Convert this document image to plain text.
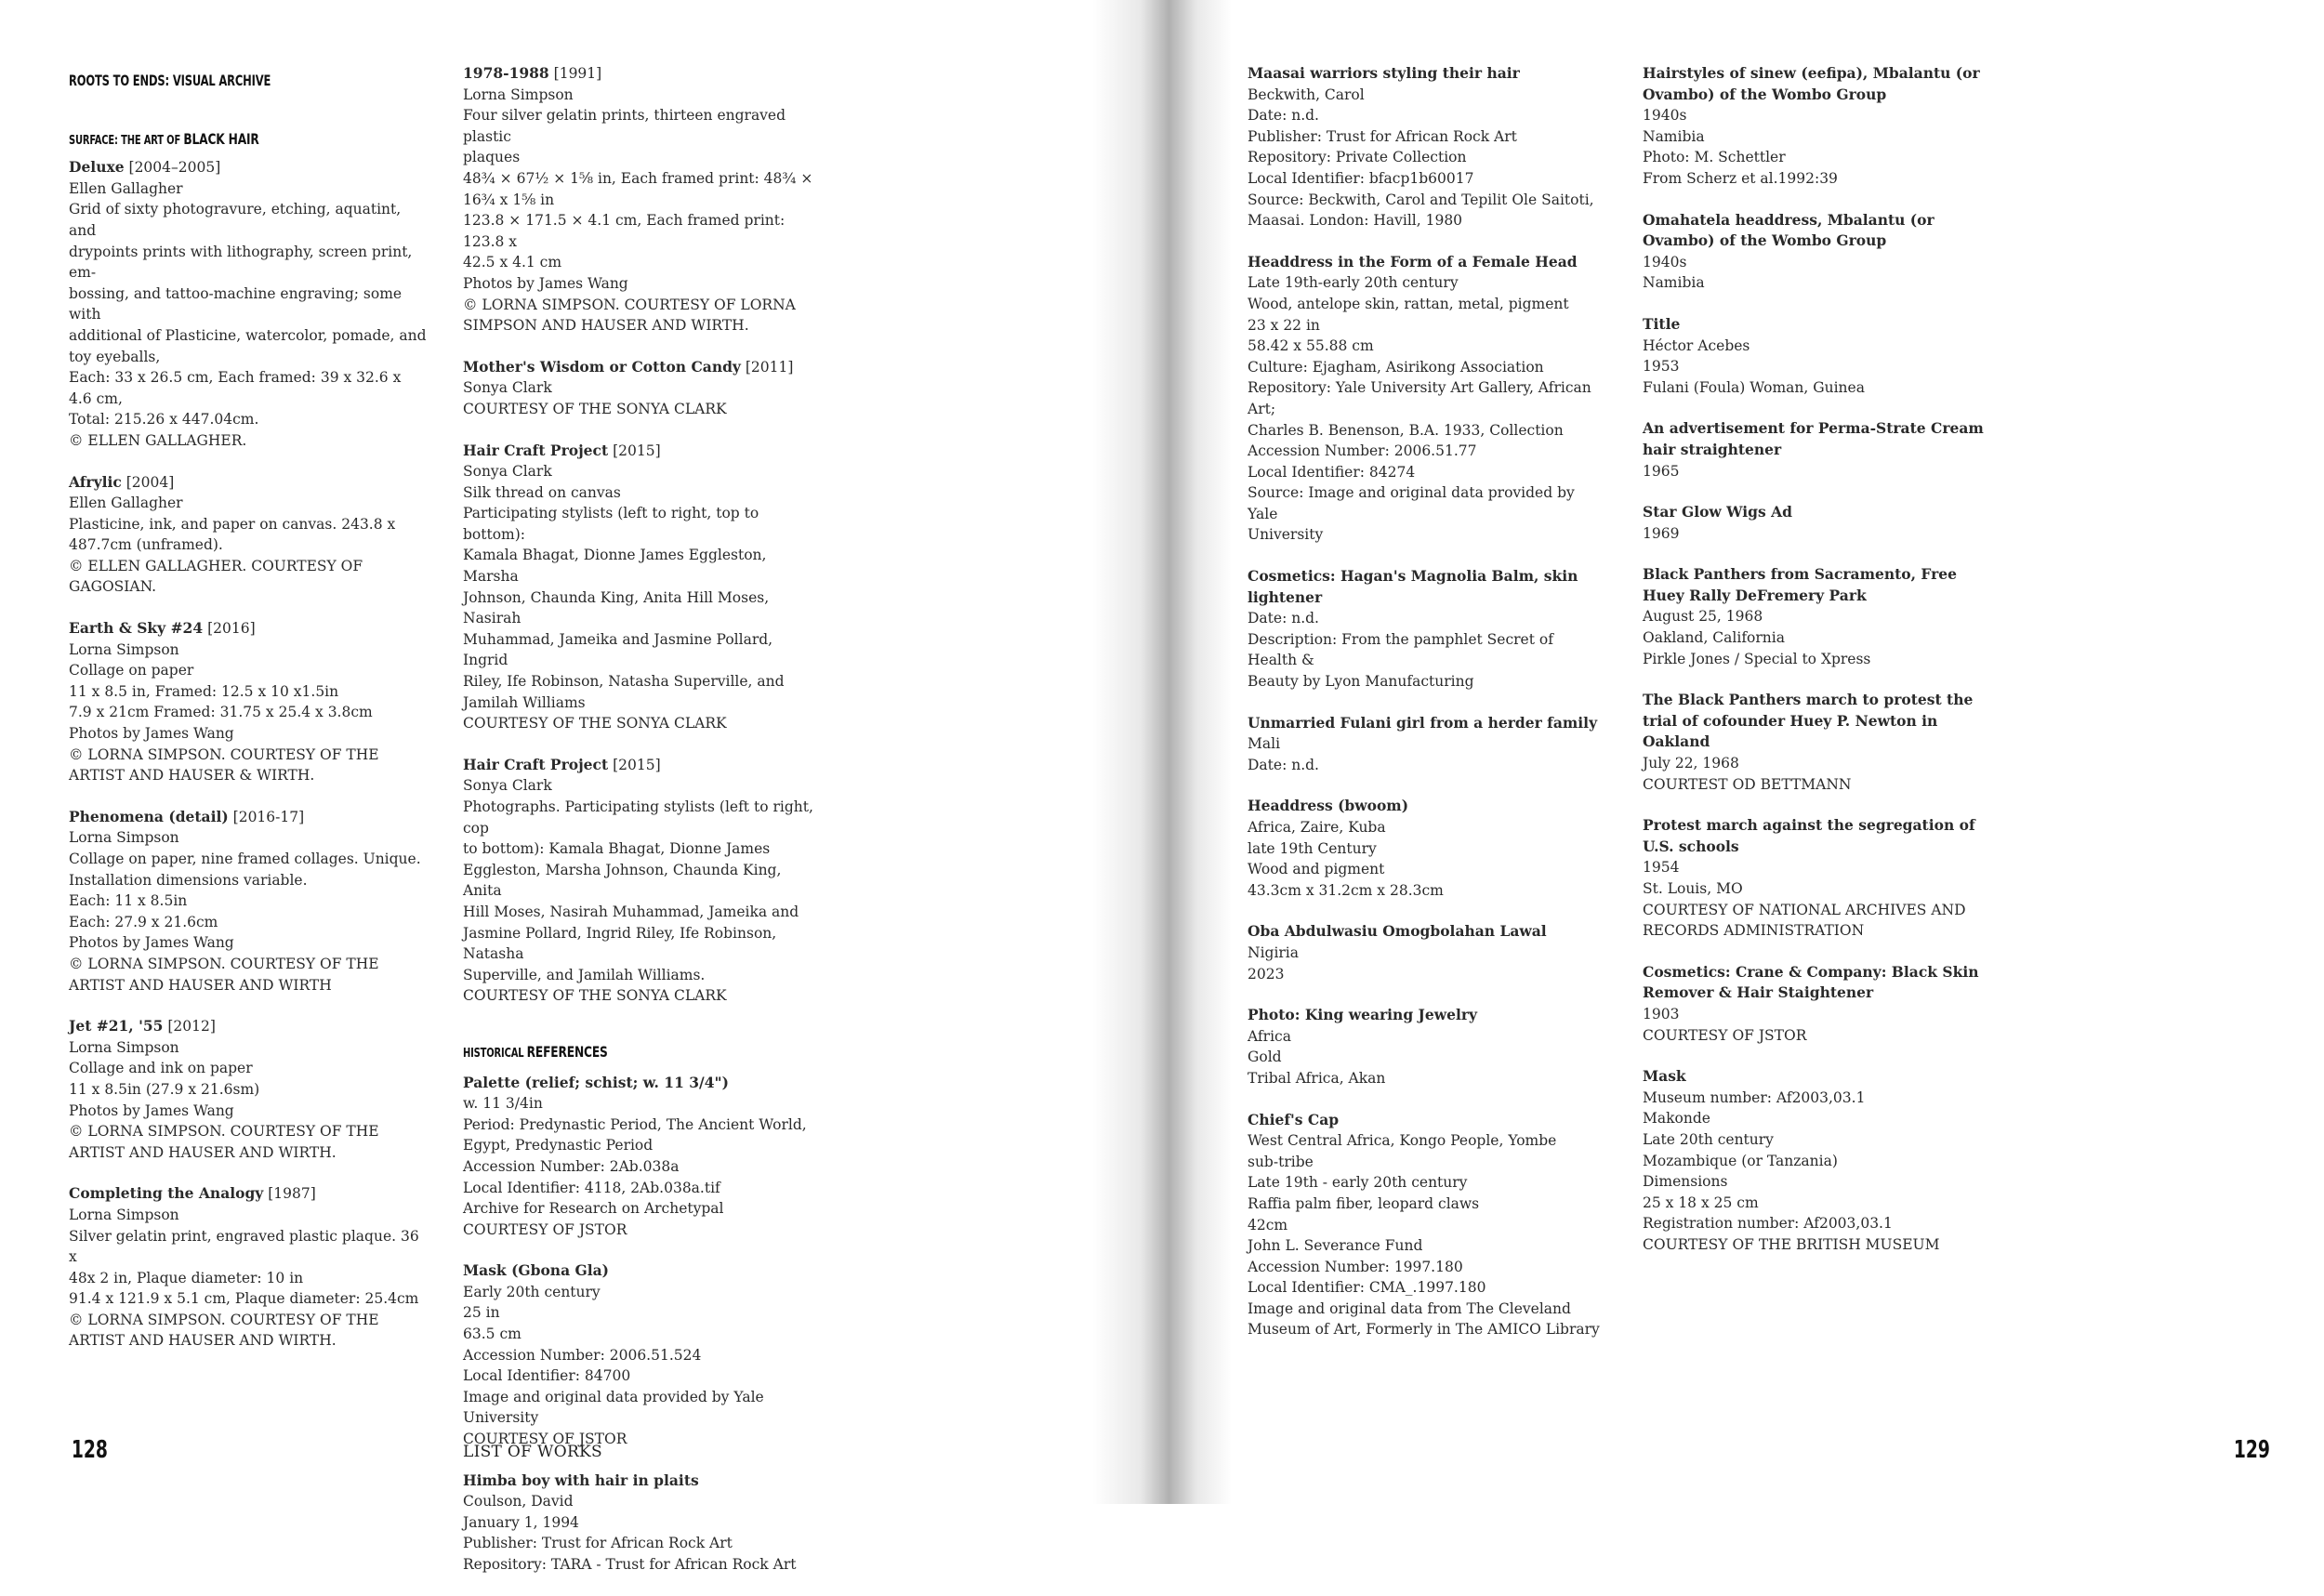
ROOTS TO ENDS: VISUAL ARCHIVE
SURFACE: THE ART OF BLACK HAIR
Deluxe [2004–2005]
Ellen Gallagher
Grid of sixty photogravure, etching, aquatint, and
drypoints prints with lithography, screen print, em-
bossing, and tattoo-machine engraving; some with
additional of Plasticine, watercolor, pomade, and
toy eyeballs,
Each: 33 x 26.5 cm, Each framed: 39 x 32.6 x 4.6 cm,
Total: 215.26 x 447.04cm.
© ELLEN GALLAGHER.
Afrylic [2004]
Ellen Gallagher
Plasticine, ink, and paper on canvas. 243.8 x
487.7cm (unframed).
© ELLEN GALLAGHER. COURTESY OF
GAGOSIAN.
Earth & Sky #24 [2016]
Lorna Simpson
Collage on paper
11 x 8.5 in, Framed: 12.5 x 10 x1.5in
7.9 x 21cm Framed: 31.75 x 25.4 x 3.8cm
Photos by James Wang
© LORNA SIMPSON. COURTESY OF THE
ARTIST AND HAUSER & WIRTH.
Phenomena (detail) [2016-17]
Lorna Simpson
Collage on paper, nine framed collages. Unique.
Installation dimensions variable.
Each: 11 x 8.5in
Each: 27.9 x 21.6cm
Photos by James Wang
© LORNA SIMPSON. COURTESY OF THE
ARTIST AND HAUSER AND WIRTH
Jet #21, '55 [2012]
Lorna Simpson
Collage and ink on paper
11 x 8.5in (27.9 x 21.6sm)
Photos by James Wang
© LORNA SIMPSON. COURTESY OF THE
ARTIST AND HAUSER AND WIRTH.
Completing the Analogy [1987]
Lorna Simpson
Silver gelatin print, engraved plastic plaque. 36 x
48x 2 in, Plaque diameter: 10 in
91.4 x 121.9 x 5.1 cm, Plaque diameter: 25.4cm
© LORNA SIMPSON. COURTESY OF THE
ARTIST AND HAUSER AND WIRTH.
1978-1988 [1991]
Lorna Simpson
Four silver gelatin prints, thirteen engraved plastic
plaques
48¾ × 67½ × 1⅝ in, Each framed print: 48¾ ×
16¾ x 1⅝ in
123.8 × 171.5 × 4.1 cm, Each framed print: 123.8 x
42.5 x 4.1 cm
Photos by James Wang
© LORNA SIMPSON. COURTESY OF LORNA
SIMPSON AND HAUSER AND WIRTH.
Mother's Wisdom or Cotton Candy [2011]
Sonya Clark
COURTESY OF THE SONYA CLARK
Hair Craft Project [2015]
Sonya Clark
Silk thread on canvas
Participating stylists (left to right, top to bottom):
Kamala Bhagat, Dionne James Eggleston, Marsha
Johnson, Chaunda King, Anita Hill Moses, Nasirah
Muhammad, Jameika and Jasmine Pollard, Ingrid
Riley, Ife Robinson, Natasha Superville, and
Jamilah Williams
COURTESY OF THE SONYA CLARK
Hair Craft Project [2015]
Sonya Clark
Photographs. Participating stylists (left to right, cop
to bottom): Kamala Bhagat, Dionne James
Eggleston, Marsha Johnson, Chaunda King, Anita
Hill Moses, Nasirah Muhammad, Jameika and
Jasmine Pollard, Ingrid Riley, Ife Robinson, Natasha
Superville, and Jamilah Williams.
COURTESY OF THE SONYA CLARK
HISTORICAL REFERENCES
Palette (relief; schist; w. 11 3/4")
w. 11 3/4in
Period: Predynastic Period, The Ancient World,
Egypt, Predynastic Period
Accession Number: 2Ab.038a
Local Identifier: 4118, 2Ab.038a.tif
Archive for Research on Archetypal
COURTESY OF JSTOR
Mask (Gbona Gla)
Early 20th century
25 in
63.5 cm
Accession Number: 2006.51.524
Local Identifier: 84700
Image and original data provided by Yale University
COURTESY OF JSTOR
Himba boy with hair in plaits
Coulson, David
January 1, 1994
Publisher: Trust for African Rock Art
Repository: TARA - Trust for African Rock Art
128	LIST OF WORKS
Maasai warriors styling their hair
Beckwith, Carol
Date: n.d.
Publisher: Trust for African Rock Art
Repository: Private Collection
Local Identifier: bfacp1b60017
Source: Beckwith, Carol and Tepilit Ole Saitoti,
Maasai. London: Havill, 1980
Headdress in the Form of a Female Head
Late 19th-early 20th century
Wood, antelope skin, rattan, metal, pigment
23 x 22 in
58.42 x 55.88 cm
Culture: Ejagham, Asirikong Association
Repository: Yale University Art Gallery, African Art;
Charles B. Benenson, B.A. 1933, Collection
Accession Number: 2006.51.77
Local Identifier: 84274
Source: Image and original data provided by Yale
University
Cosmetics: Hagan's Magnolia Balm, skin lightener
Date: n.d.
Description: From the pamphlet Secret of Health &
Beauty by Lyon Manufacturing
Unmarried Fulani girl from a herder family
Mali
Date: n.d.
Headdress (bwoom)
Africa, Zaire, Kuba
late 19th Century
Wood and pigment
43.3cm x 31.2cm x 28.3cm
Oba Abdulwasiu Omogbolahan Lawal
Nigiria
2023
Photo: King wearing Jewelry
Africa
Gold
Tribal Africa, Akan
Chief's Cap
West Central Africa, Kongo People, Yombe
sub-tribe
Late 19th - early 20th century
Raffia palm fiber, leopard claws
42cm
John L. Severance Fund
Accession Number: 1997.180
Local Identifier: CMA_.1997.180
Image and original data from The Cleveland
Museum of Art, Formerly in The AMICO Library
Hairstyles of sinew (eefipa), Mbalantu (or Ovambo) of the Wombo Group
1940s
Namibia
Photo: M. Schettler
From Scherz et al.1992:39
Omahatela headdress, Mbalantu (or Ovambo) of the Wombo Group
1940s
Namibia
Title
Héctor Acebes
1953
Fulani (Foula) Woman, Guinea
An advertisement for Perma-Strate Cream hair straightener
1965
Star Glow Wigs Ad
1969
Black Panthers from Sacramento, Free Huey Rally DeFremery Park
August 25, 1968
Oakland, California
Pirkle Jones / Special to Xpress
The Black Panthers march to protest the trial of cofounder Huey P. Newton in Oakland
July 22, 1968
COURTEST OD BETTMANN
Protest march against the segregation of U.S. schools
1954
St. Louis, MO
COURTESY OF NATIONAL ARCHIVES AND
RECORDS ADMINISTRATION
Cosmetics: Crane & Company: Black Skin Remover & Hair Staightener
1903
COURTESY OF JSTOR
Mask
Museum number: Af2003,03.1
Makonde
Late 20th century
Mozambique (or Tanzania)
Dimensions
25 x 18 x 25 cm
Registration number: Af2003,03.1
COURTESY OF THE BRITISH MUSEUM
129
